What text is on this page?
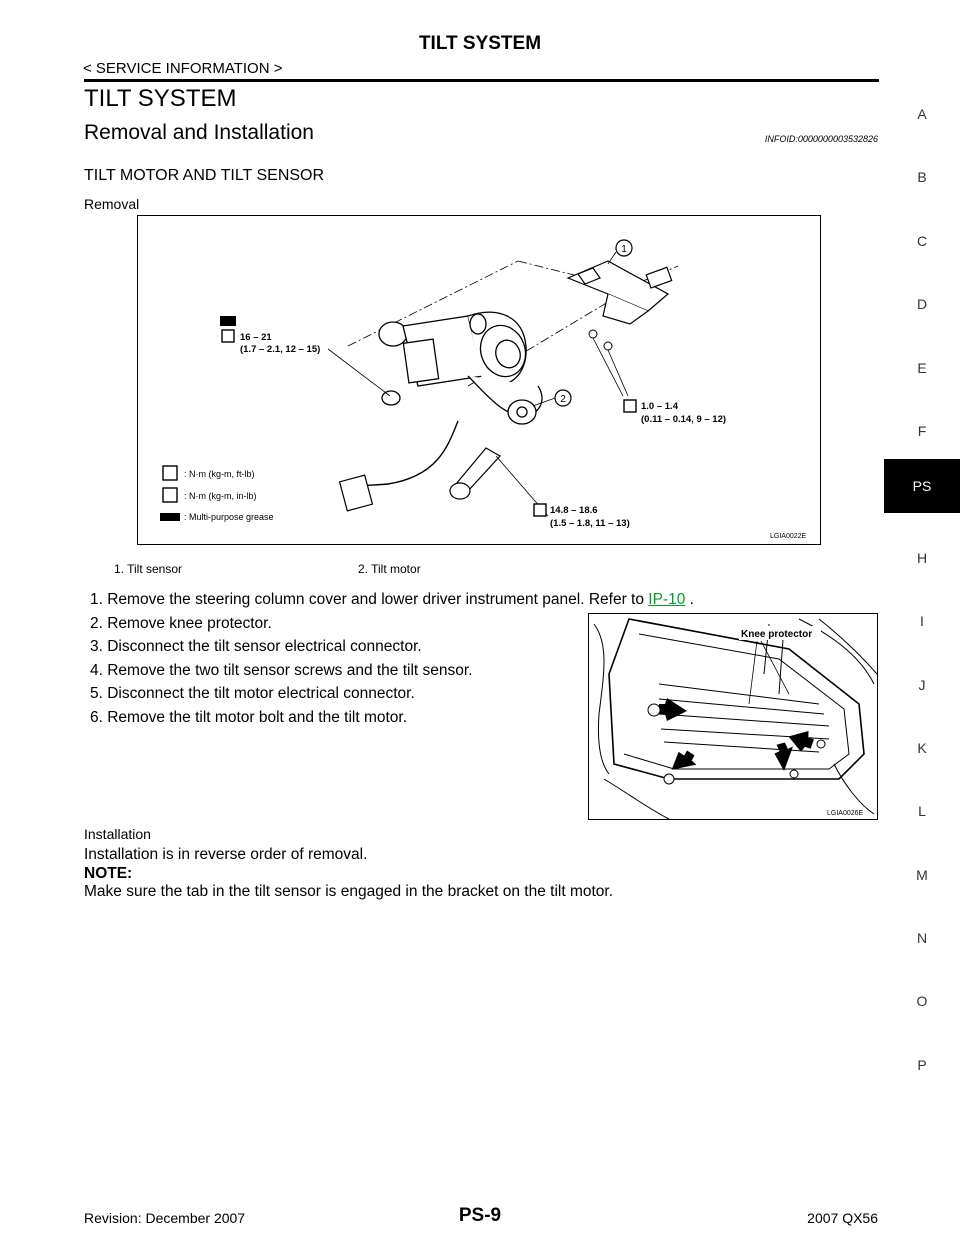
TILT SYSTEM
< SERVICE INFORMATION >
TILT SYSTEM
Removal and Installation	INFOID:0000000003532826
TILT MOTOR AND TILT SENSOR
Removal
1
2
16 – 21
(1.7 – 2.1, 12 – 15)
1.0 – 1.4
(0.11 – 0.14, 9 – 12)
14.8 – 18.6
(1.5 – 1.8, 11 – 13)
: N·m (kg-m, ft-lb)
: N·m (kg-m, in-lb)
: Multi-purpose grease
LGIA0022E
1. Tilt sensor	2. Tilt motor
1. Remove the steering column cover and lower driver instrument panel. Refer to IP-10 .
2. Remove knee protector.
3. Disconnect the tilt sensor electrical connector.
4. Remove the two tilt sensor screws and the tilt sensor.
5. Disconnect the tilt motor electrical connector.
6. Remove the tilt motor bolt and the tilt motor.
Knee protector
LGIA0026E
Installation
Installation is in reverse order of removal.
NOTE:
Make sure the tab in the tilt sensor is engaged in the bracket on the tilt motor.
A
B
C
D
E
F
H
I
J
K
L
M
N
O
P
PS
Revision: December 2007	PS-9	2007 QX56
